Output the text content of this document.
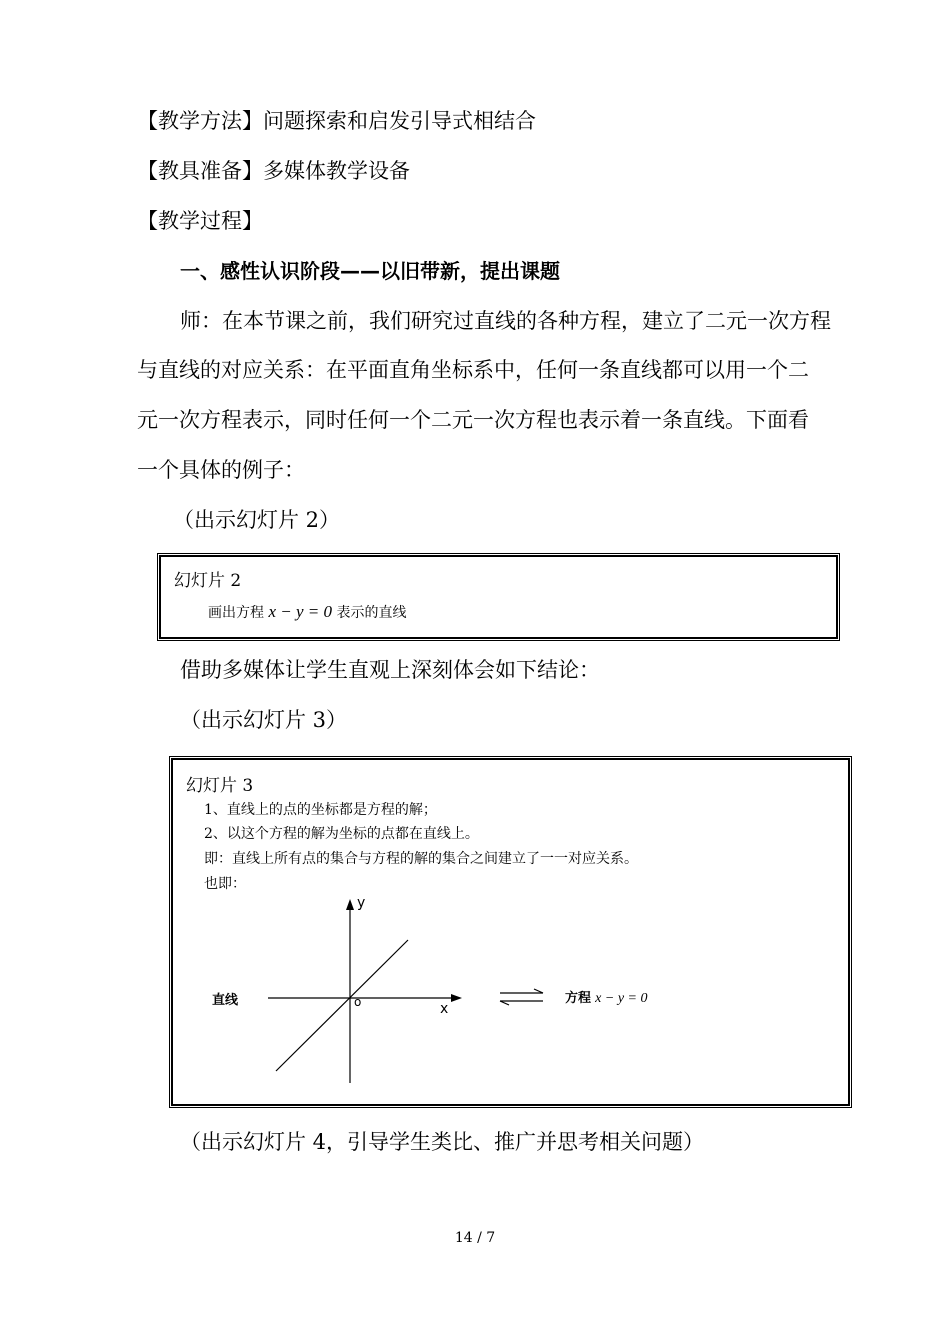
【教学方法】问题探索和启发引导式相结合
【教具准备】多媒体教学设备
【教学过程】
一、感性认识阶段——以旧带新，提出课题
师：在本节课之前，我们研究过直线的各种方程，建立了二元一次方程
与直线的对应关系：在平面直角坐标系中，任何一条直线都可以用一个二
元一次方程表示，同时任何一个二元一次方程也表示着一条直线。下面看
一个具体的例子：
（出示幻灯片 2）
幻灯片 2
画出方程 x − y = 0 表示的直线
借助多媒体让学生直观上深刻体会如下结论：
（出示幻灯片 3）
幻灯片 3
1、直线上的点的坐标都是方程的解；
2、以这个方程的解为坐标的点都在直线上。
即：直线上所有点的集合与方程的解的集合之间建立了一一对应关系。
也即：
y
x
o
直线	方程 x − y = 0
（出示幻灯片 4，引导学生类比、推广并思考相关问题）
14 / 7
